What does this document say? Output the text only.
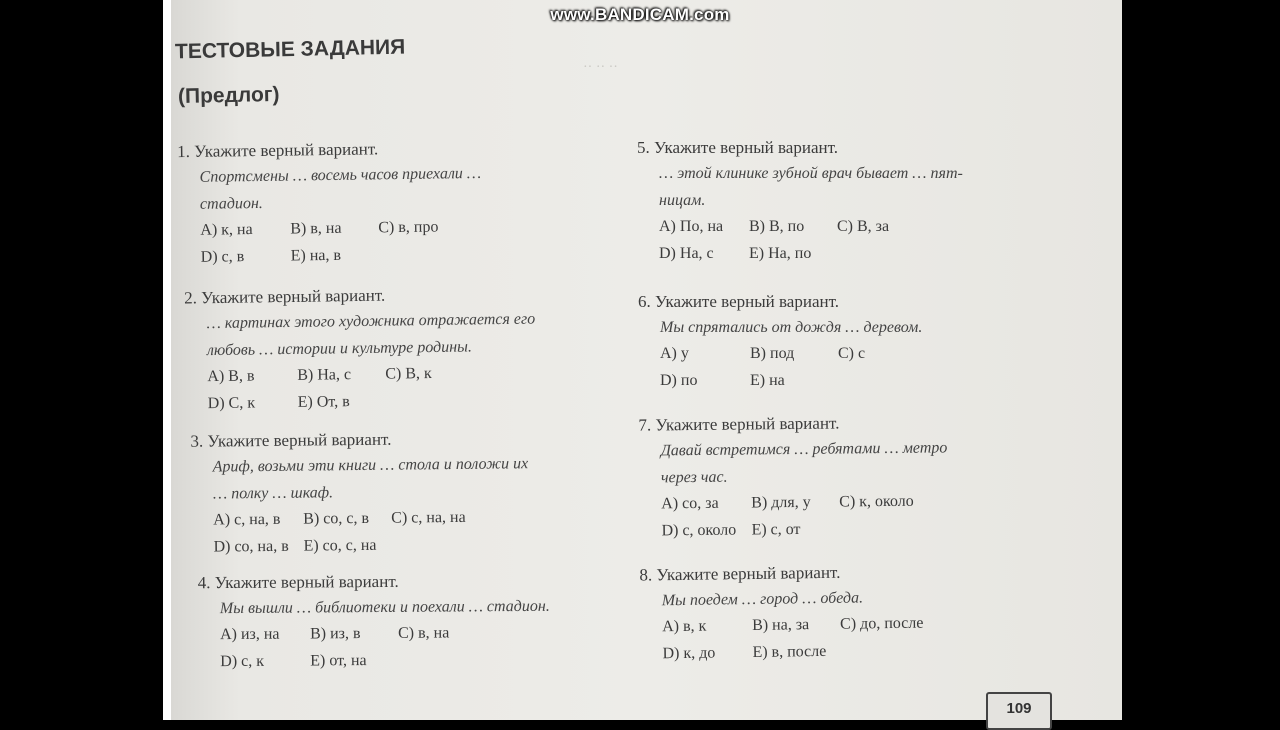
·· ·· ··
ТЕСТОВЫЕ ЗАДАНИЯ
(Предлог)
1. Укажите верный вариант.
Спортсмены … восемь часов приехали …
стадион.
A) к, на B) в, на C) в, про
D) с, в	E) на, в
2. Укажите верный вариант.
… картинах этого художника отражается его
любовь … истории и культуре родины.
A) В, в	B) На, с C) В, к
D) С, к	E) От, в
3. Укажите верный вариант.
Ариф, возьми эти книги … стола и положи их
… полку … шкаф.
A) с, на, в B) со, с, в C) с, на, на
D) со, на, в E) со, с, на
4. Укажите верный вариант.
Мы вышли … библиотеки и поехали … стадион.
A) из, на B) из, в C) в, на
D) с, к	E) от, на
5. Укажите верный вариант.
… этой клинике зубной врач бывает … пят-
ницам.
A) По, на B) В, по C) В, за
D) На, с E) На, по
6. Укажите верный вариант.
Мы спрятались от дождя … деревом.
A) у	B) под	C) с
D) по	E) на
7. Укажите верный вариант.
Давай встретимся … ребятами … метро
через час.
A) со, за B) для, у C) к, около
D) с, около E) с, от
8. Укажите верный вариант.
Мы поедем … город … обеда.
A) в, к	B) на, за C) до, после
D) к, до E) в, после
109
www.BANDICAM.com
